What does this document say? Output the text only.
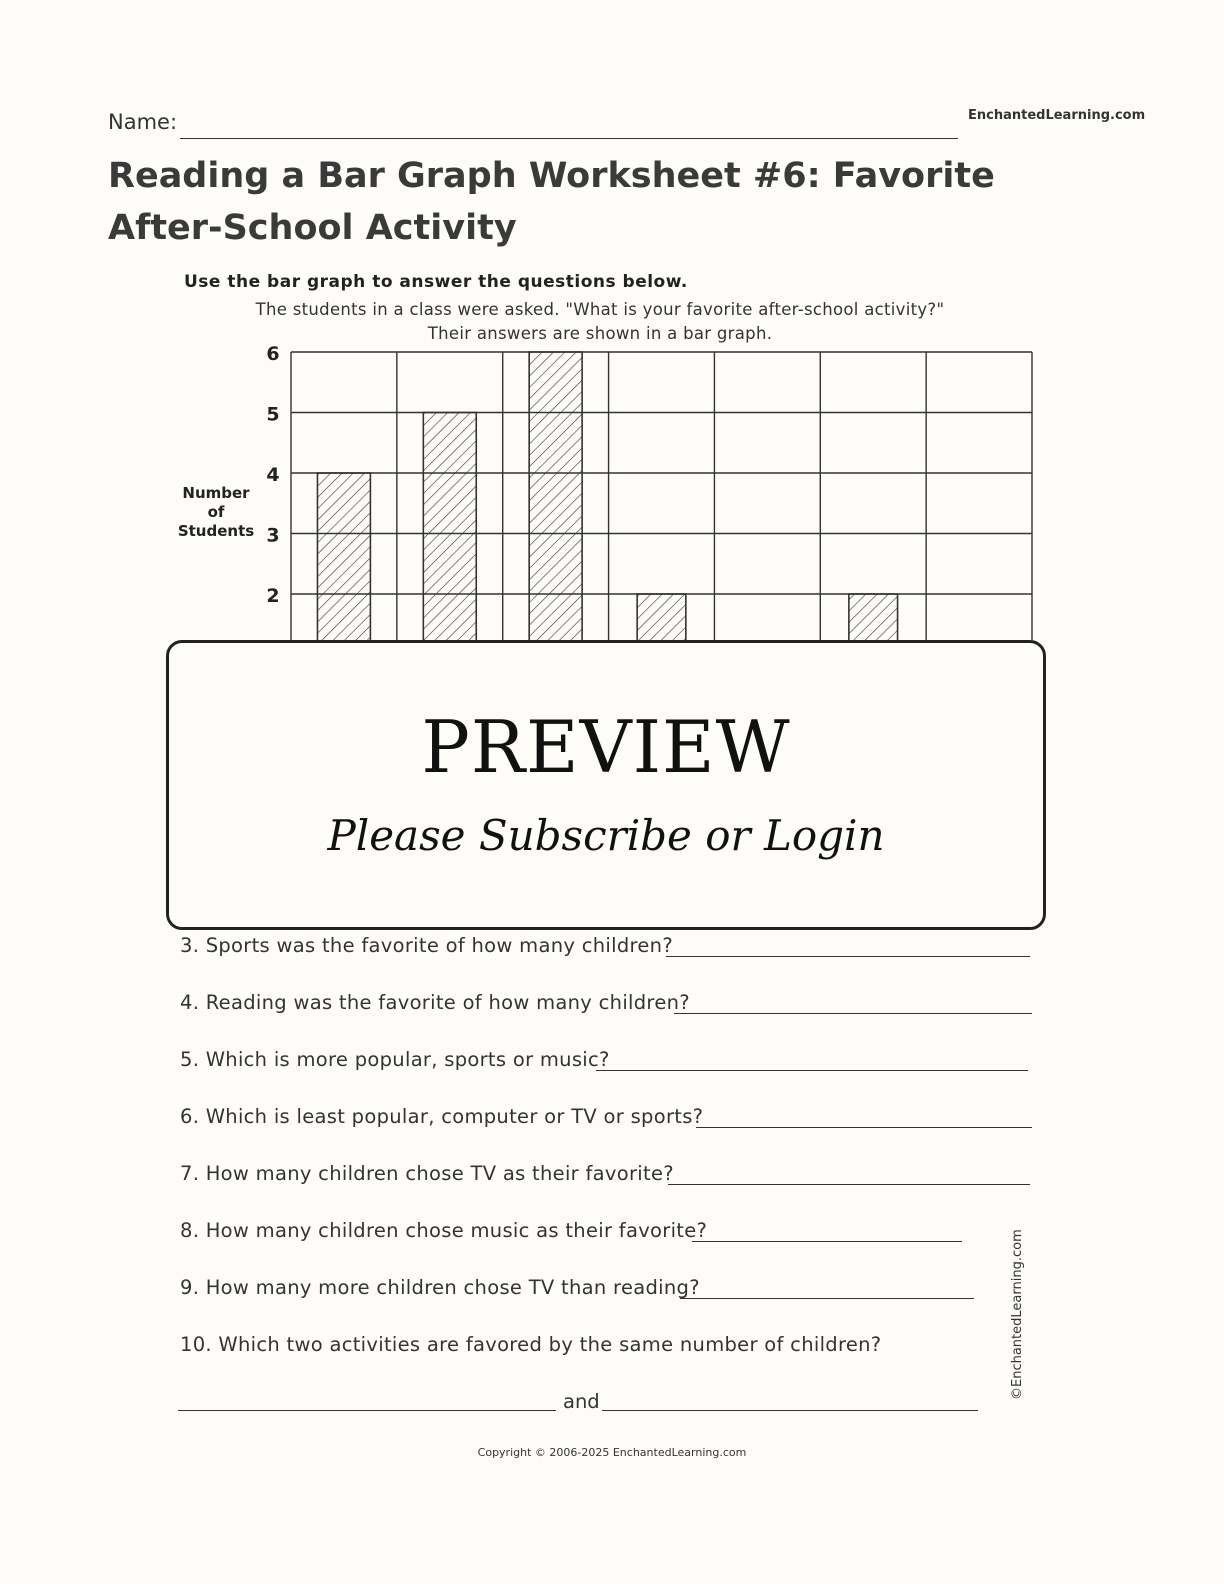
Name:	EnchantedLearning.com
Reading a Bar Graph Worksheet #6: Favorite After-School Activity
Use the bar graph to answer the questions below.
The students in a class were asked. "What is your favorite after-school activity?"
Their answers are shown in a bar graph.
2
3
4
5
6
Number
of
Students
PREVIEW
Please Subscribe or Login
3. Sports was the favorite of how many children?
4. Reading was the favorite of how many children?
5. Which is more popular, sports or music?
6. Which is least popular, computer or TV or sports?
7. How many children chose TV as their favorite?
8. How many children chose music as their favorite?
9. How many more children chose TV than reading?
10. Which two activities are favored by the same number of children?
and
©EnchantedLearning.com
Copyright © 2006-2025 EnchantedLearning.com
